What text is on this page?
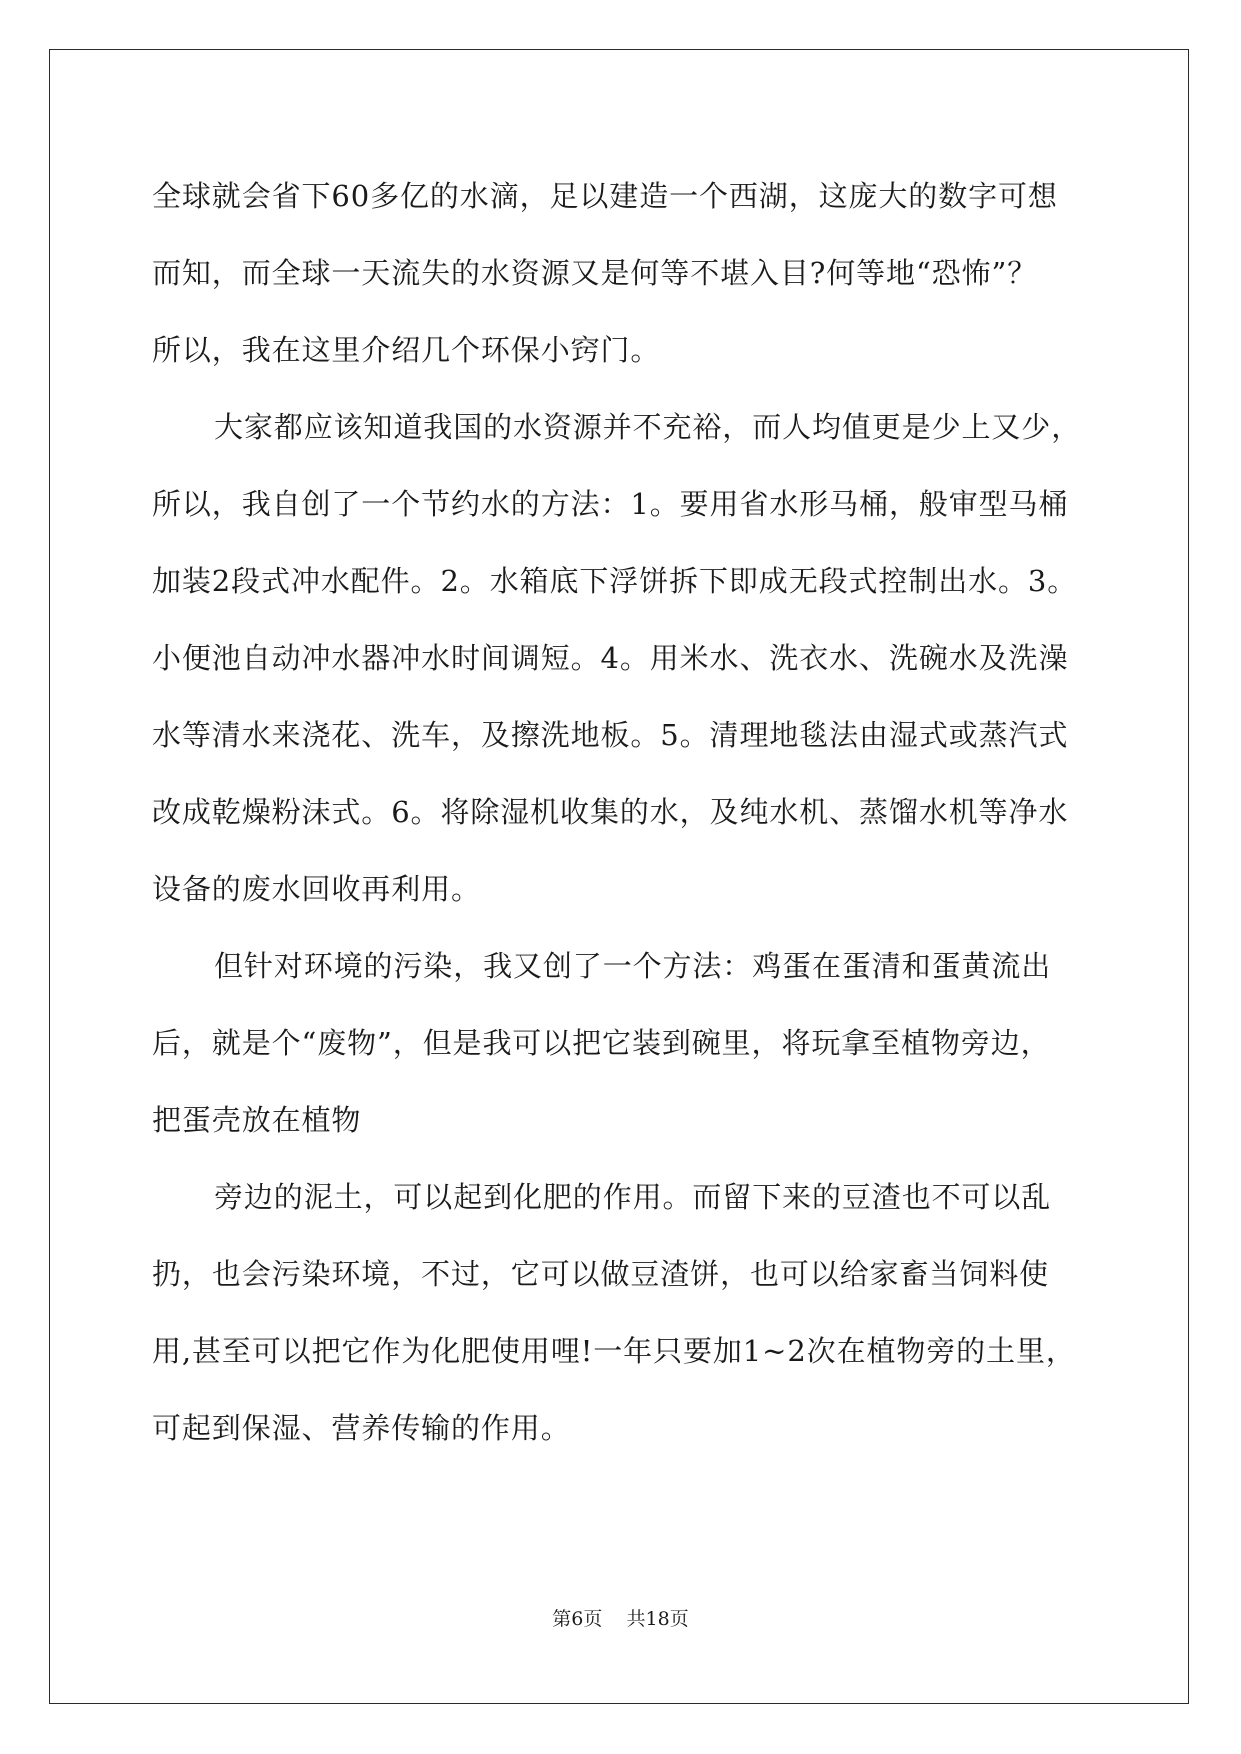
全球就会省下60多亿的水滴，足以建造一个西湖，这庞大的数字可想
而知，而全球一天流失的水资源又是何等不堪入目?何等地“恐怖”？
所以，我在这里介绍几个环保小窍门。
大家都应该知道我国的水资源并不充裕，而人均值更是少上又少，
所以，我自创了一个节约水的方法：1。要用省水形马桶，般审型马桶
加装2段式冲水配件。2。水箱底下浮饼拆下即成无段式控制出水。3。
小便池自动冲水器冲水时间调短。4。用米水、洗衣水、洗碗水及洗澡
水等清水来浇花、洗车，及擦洗地板。5。清理地毯法由湿式或蒸汽式
改成乾燥粉沫式。6。将除湿机收集的水，及纯水机、蒸馏水机等净水
设备的废水回收再利用。
但针对环境的污染，我又创了一个方法：鸡蛋在蛋清和蛋黄流出
后，就是个“废物”，但是我可以把它装到碗里，将玩拿至植物旁边，
把蛋壳放在植物
旁边的泥土，可以起到化肥的作用。而留下来的豆渣也不可以乱
扔，也会污染环境，不过，它可以做豆渣饼，也可以给家畜当饲料使
用,甚至可以把它作为化肥使用哩!一年只要加1~2次在植物旁的土里，
可起到保湿、营养传输的作用。
第6页 共18页
